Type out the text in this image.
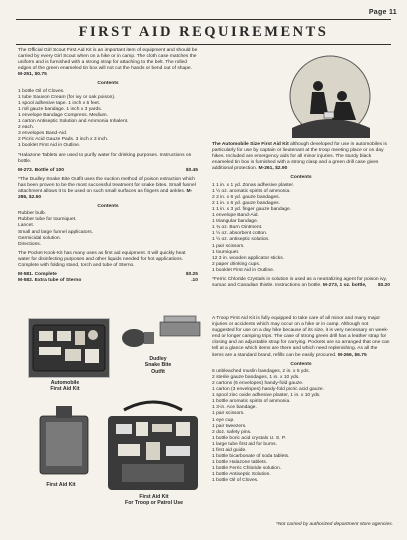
Page 11
FIRST AID REQUIREMENTS

The Official Girl Scout First Aid Kit is an important item of equipment and should be carried by every Girl Scout when on a hike or in camp. The cloth case matches the uniform and is furnished with a strong strap for attaching to the belt. The rolled edges of the green enameled tin box will not cut the hands or bend out of shape. M-251, $0.75

Contents
1 bottle Oil of Cloves.
1 tube Sauvon Cream (for ivy or oak poison).
1 spool adhesive tape. 1 inch x 5 feet.
1 roll gauze bandage. 1 inch x 3 yards.
1 envelope Bandage Compress. Medium.
1 carton Antiseptic Solution and Ammonia Inhalent.
2 each.
3 envelopes Band-Aid.
2 Picric Acid Gauze Pads. 3 inch x 3 inch.
1 booklet First Aid in Outline.

*Halazone Tablets are used to purify water for drinking purposes. Instructions on bottle.

M-272. Bottle of 100	$0.45

*The Dudley Snake Bite Outfit uses the suction method of poison extraction which has been proven to be the most successful treatment for snake bites. Small funnel attachment allows it to be used on such small surfaces as fingers and ankles. M-286, $2.50

Contents
Rubber bulb.
Rubber tube for tourniquet.
Lancet.
Small and large funnel applicators.
Germicidal solution.
Directions.

The Pocket Kook-Kit has many uses as first aid equipment. It will quickly heat water for disinfecting purposes and other liquids needed for hot applications. Complete with folding stand, torch and tube of Sterno.

M-581. Complete	$0.25
M-582. Extra tube of Sterno	.10

The Automobile Size First Aid Kit although developed for use in automobiles is particularly for use by captain or lieutenant at the troop meeting place or on day hikes. Included are emergency aids for all minor injuries. The sturdy black enameled tin box is furnished with a strong clasp and a green drill case gives additional protection. M-261, $2.90

Contents
1 1 in. x 1 yd. Zonas adhesive plaster.
1 ½ oz. aromatic spirits of ammonia.
2 2 in. x 6 yd. gauze bandages.
2 1 in. x 6 yd. gauze bandages.
1 1 in. x 3 yd. finger gauze bandage.
1 envelope Band-Aid.
1 triangular bandage.
1 ¾ oz. Burn Ointment.
1 ½ oz. absorbent cotton.
1 ½ oz. antiseptic solution.
1 pair scissors.
1 tourniquet.
12 3 in. wooden applicator sticks.
2 paper drinking cups.
1 booklet First Aid in Outline.

*Ferric Chloride Crystals in solution is used as a neutralizing agent for poison ivy, sumac and Canadian thistle. Instructions on bottle. M-273, 1 oz. bottle, $0.20

A Troop First Aid Kit is fully equipped to take care of all minor and many major injuries or accidents which may occur on a hike or in camp. Although not suggested for use on a day hike because of its size, it is very necessary on week-end or longer camping trips. The case of strong green drill has a leather strap for closing and an adjustable strap for carrying. Pockets are so arranged that one can tell at a glance which items are there and which need replenishing. As all the items are a standard brand, refills can be easily procured. M-266, $6.75

Contents
6 unbleached muslin bandages, 2 in. x 5 yds.
2 sterile gauze bandages, 1 in. x 10 yds.
2 cartons (6 envelopes) handy-fold gauze.
1 carton (3 envelopes) handy-fold picric acid gauze.
1 spool zinc oxide adhesive plaster, 1 in. x 10 yds.
1 bottle aromatic spirits of ammonia.
1 3-in. Ace bandage.
1 pair scissors.
1 eye cup.
1 pair tweezers.
2 doz. safety pins.
1 bottle boric acid crystals U. S. P.
1 large tube first aid for burns.
1 first aid guide.
1 bottle bicarbonate of soda tablets.
1 bottle Halazone tablets.
1 bottle Ferric Chloride solution.
1 bottle Antiseptic Solution.
1 bottle Oil of Cloves.
Automobile
First Aid Kit
Dudley
Snake Bite
Outfit
First Aid Kit
First Aid Kit
For Troop or Patrol Use
*Not carried by authorized department store agencies.
